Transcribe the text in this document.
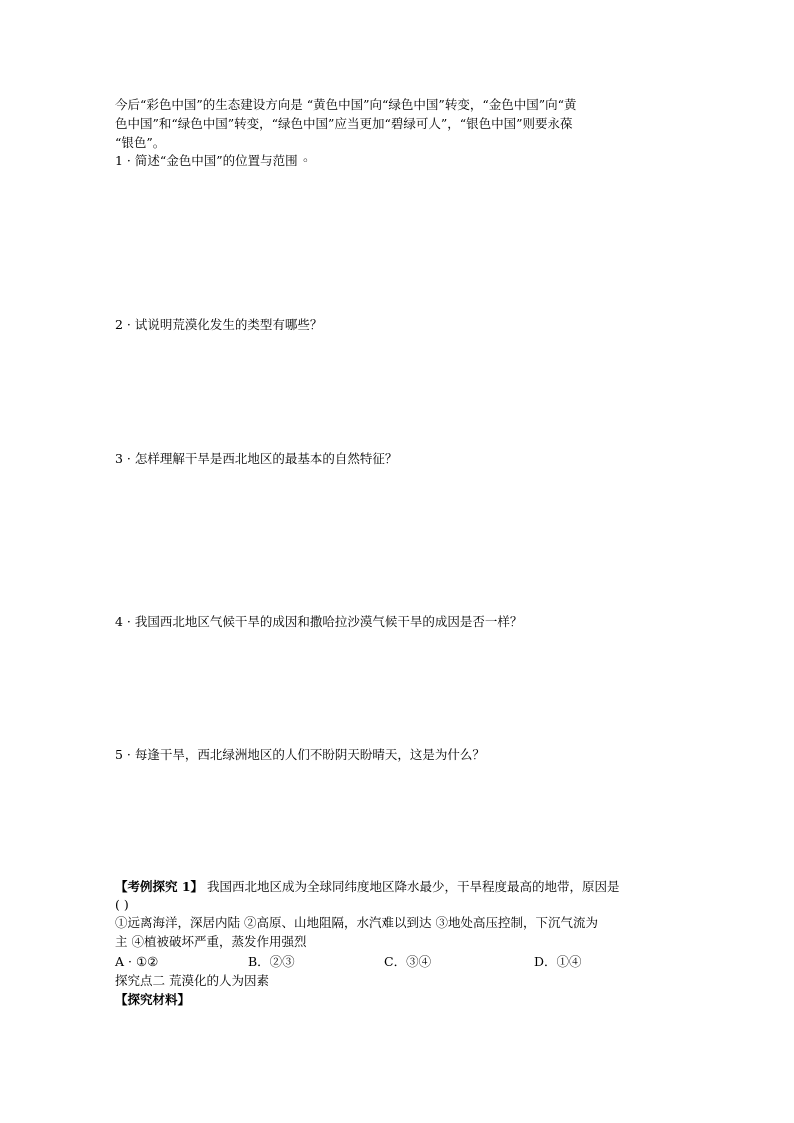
今后“彩色中国”的生态建设方向是 “黄色中国”向“绿色中国”转变，“金色中国”向“黄
色中国”和“绿色中国”转变，“绿色中国”应当更加“碧绿可人”，“银色中国”则要永葆
“银色”。
1 · 简述“金色中国”的位置与范围 ◦
2 · 试说明荒漠化发生的类型有哪些？
3 · 怎样理解干旱是西北地区的最基本的自然特征？
4 · 我国西北地区气候干旱的成因和撒哈拉沙漠气候干旱的成因是否一样？
5 · 每逢干旱，西北绿洲地区的人们不盼阴天盼晴天，这是为什么？
【考例探究 1】 我国西北地区成为全球同纬度地区降水最少，干旱程度最高的地带，原因是
( )
①远离海洋，深居内陆 ②高原、山地阻隔，水汽难以到达 ③地处高压控制，下沉气流为
主 ④植被破坏严重，蒸发作用强烈
A · ①②	B．②③	C．③④	D．①④
探究点二 荒漠化的人为因素
【探究材料】
